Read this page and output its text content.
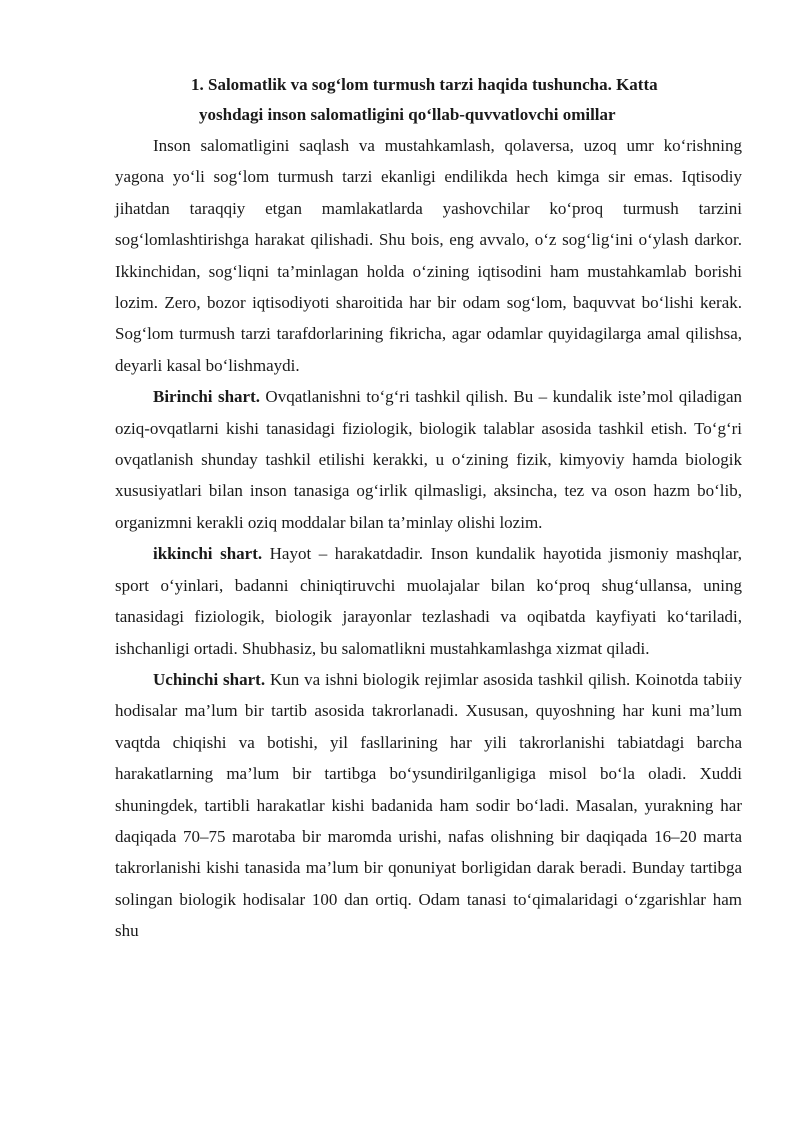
1. Salomatlik va sog‘lom turmush tarzi haqida tushuncha. Katta
yoshdagi inson salomatligini qo‘llab-quvvatlovchi omillar

Inson salomatligini saqlash va mustahkamlash, qolaversa, uzoq umr ko‘rishning yagona yo‘li sog‘lom turmush tarzi ekanligi endilikda hech kimga sir emas. Iqtisodiy jihatdan taraqqiy etgan mamlakatlarda yashovchilar ko‘proq turmush tarzini sog‘lomlashtirishga harakat qilishadi. Shu bois, eng avvalo, o‘z sog‘lig‘ini o‘ylash darkor. Ikkinchidan, sog‘liqni ta’minlagan holda o‘zining iqtisodini ham mustahkamlab borishi lozim. Zero, bozor iqtisodiyoti sharoitida har bir odam sog‘lom, baquvvat bo‘lishi kerak. Sog‘lom turmush tarzi tarafdorlarining fikricha, agar odamlar quyidagilarga amal qilishsa, deyarli kasal bo‘lishmaydi.

Birinchi shart. Ovqatlanishni to‘g‘ri tashkil qilish. Bu – kundalik iste’mol qiladigan oziq-ovqatlarni kishi tanasidagi fiziologik, biologik talablar asosida tashkil etish. To‘g‘ri ovqatlanish shunday tashkil etilishi kerakki, u o‘zining fizik, kimyoviy hamda biologik xususiyatlari bilan inson tanasiga og‘irlik qilmasligi, aksincha, tez va oson hazm bo‘lib, organizmni kerakli oziq moddalar bilan ta’minlay olishi lozim.

ikkinchi shart. Hayot – harakatdadir. Inson kundalik hayotida jismoniy mashqlar, sport o‘yinlari, badanni chiniqtiruvchi muolajalar bilan ko‘proq shug‘ullansa, uning tanasidagi fiziologik, biologik jarayonlar tezlashadi va oqibatda kayfiyati ko‘tariladi, ishchanligi ortadi. Shubhasiz, bu salomatlikni mustahkamlashga xizmat qiladi.

Uchinchi shart. Kun va ishni biologik rejimlar asosida tashkil qilish. Koinotda tabiiy hodisalar ma’lum bir tartib asosida takrorlanadi. Xususan, quyoshning har kuni ma’lum vaqtda chiqishi va botishi, yil fasllarining har yili takrorlanishi tabiatdagi barcha harakatlarning ma’lum bir tartibga bo‘ysundirilganligiga misol bo‘la oladi. Xuddi shuningdek, tartibli harakatlar kishi badanida ham sodir bo‘ladi. Masalan, yurakning har daqiqada 70–75 marotaba bir maromda urishi, nafas olishning bir daqiqada 16–20 marta takrorlanishi kishi tanasida ma’lum bir qonuniyat borligidan darak beradi. Bunday tartibga solingan biologik hodisalar 100 dan ortiq. Odam tanasi to‘qimalaridagi o‘zgarishlar ham shu
